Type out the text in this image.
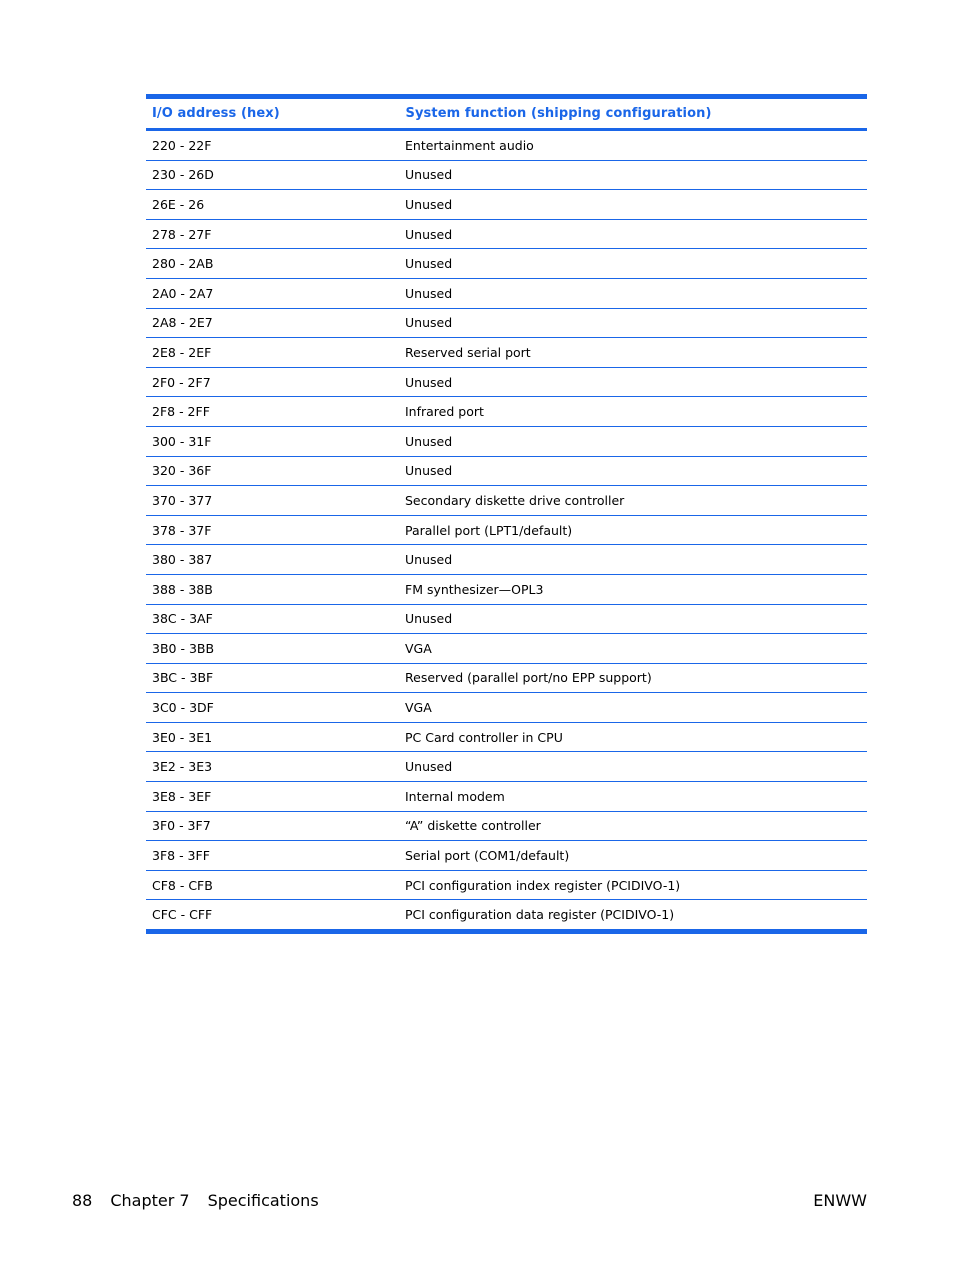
I/O address (hex)	System function (shipping configuration)
220 - 22F	Entertainment audio
230 - 26D	Unused
26E - 26	Unused
278 - 27F	Unused
280 - 2AB	Unused
2A0 - 2A7	Unused
2A8 - 2E7	Unused
2E8 - 2EF	Reserved serial port
2F0 - 2F7	Unused
2F8 - 2FF	Infrared port
300 - 31F	Unused
320 - 36F	Unused
370 - 377	Secondary diskette drive controller
378 - 37F	Parallel port (LPT1/default)
380 - 387	Unused
388 - 38B	FM synthesizer—OPL3
38C - 3AF	Unused
3B0 - 3BB	VGA
3BC - 3BF	Reserved (parallel port/no EPP support)
3C0 - 3DF	VGA
3E0 - 3E1	PC Card controller in CPU
3E2 - 3E3	Unused
3E8 - 3EF	Internal modem
3F0 - 3F7	“A” diskette controller
3F8 - 3FF	Serial port (COM1/default)
CF8 - CFB	PCI configuration index register (PCIDIVO-1)
CFC - CFF	PCI configuration data register (PCIDIVO-1)
88 Chapter 7 Specifications	ENWW
